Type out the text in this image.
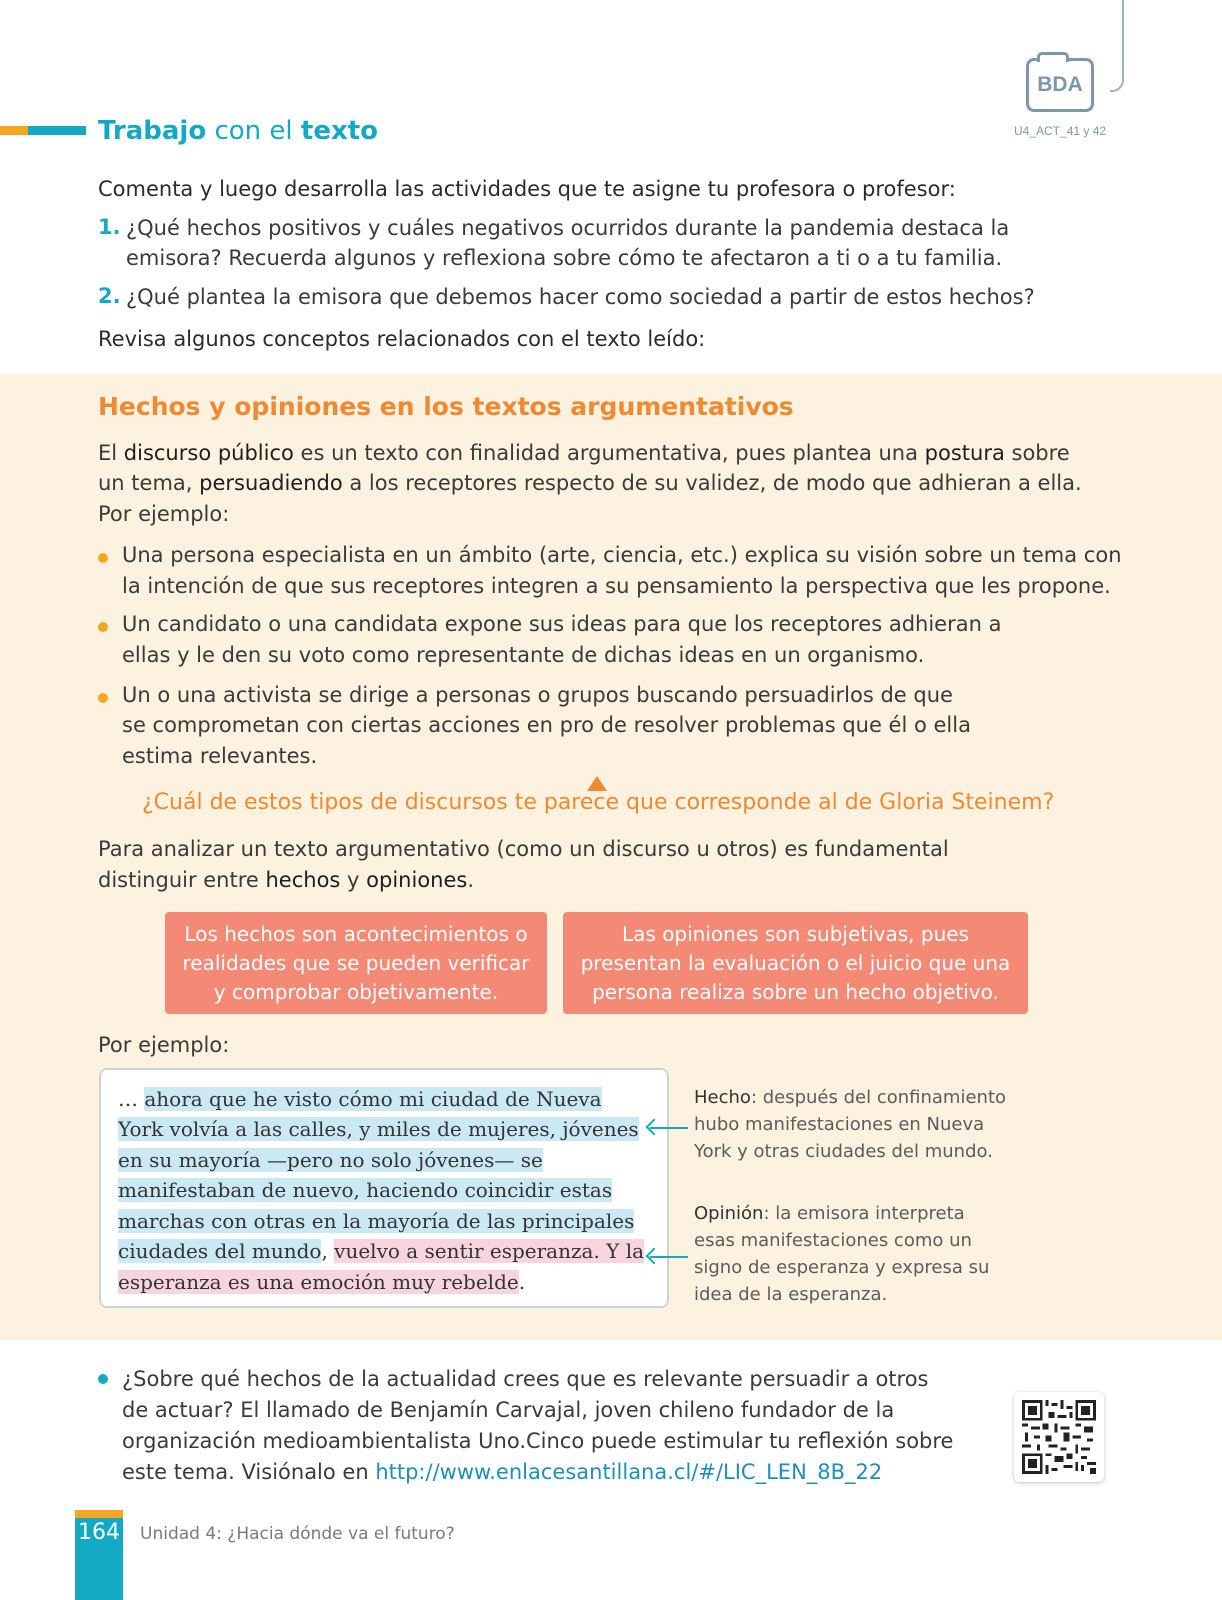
Trabajo con el texto
BDA
U4_ACT_41 y 42
Comenta y luego desarrolla las actividades que te asigne tu profesora o profesor:
1. ¿Qué hechos positivos y cuáles negativos ocurridos durante la pandemia destaca la
emisora? Recuerda algunos y reflexiona sobre cómo te afectaron a ti o a tu familia.
2. ¿Qué plantea la emisora que debemos hacer como sociedad a partir de estos hechos?
Revisa algunos conceptos relacionados con el texto leído:
Hechos y opiniones en los textos argumentativos
El discurso público es un texto con finalidad argumentativa, pues plantea una postura sobre
un tema, persuadiendo a los receptores respecto de su validez, de modo que adhieran a ella.
Por ejemplo:
Una persona especialista en un ámbito (arte, ciencia, etc.) explica su visión sobre un tema con
la intención de que sus receptores integren a su pensamiento la perspectiva que les propone.
Un candidato o una candidata expone sus ideas para que los receptores adhieran a
ellas y le den su voto como representante de dichas ideas en un organismo.
Un o una activista se dirige a personas o grupos buscando persuadirlos de que
se comprometan con ciertas acciones en pro de resolver problemas que él o ella
estima relevantes.
¿Cuál de estos tipos de discursos te parece que corresponde al de Gloria Steinem?
Para analizar un texto argumentativo (como un discurso u otros) es fundamental
distinguir entre hechos y opiniones.
Los hechos son acontecimientos o
realidades que se pueden verificar
y comprobar objetivamente.
Las opiniones son subjetivas, pues
presentan la evaluación o el juicio que una
persona realiza sobre un hecho objetivo.
Por ejemplo:
… ahora que he visto cómo mi ciudad de Nueva
York volvía a las calles, y miles de mujeres, jóvenes
en su mayoría —pero no solo jóvenes— se
manifestaban de nuevo, haciendo coincidir estas
marchas con otras en la mayoría de las principales
ciudades del mundo, vuelvo a sentir esperanza. Y la
esperanza es una emoción muy rebelde.
Hecho: después del confinamiento
hubo manifestaciones en Nueva
York y otras ciudades del mundo.
Opinión: la emisora interpreta
esas manifestaciones como un
signo de esperanza y expresa su
idea de la esperanza.
¿Sobre qué hechos de la actualidad crees que es relevante persuadir a otros
de actuar? El llamado de Benjamín Carvajal, joven chileno fundador de la
organización medioambientalista Uno.Cinco puede estimular tu reflexión sobre
este tema. Visiónalo en http://www.enlacesantillana.cl/#/LIC_LEN_8B_22
164 Unidad 4: ¿Hacia dónde va el futuro?
